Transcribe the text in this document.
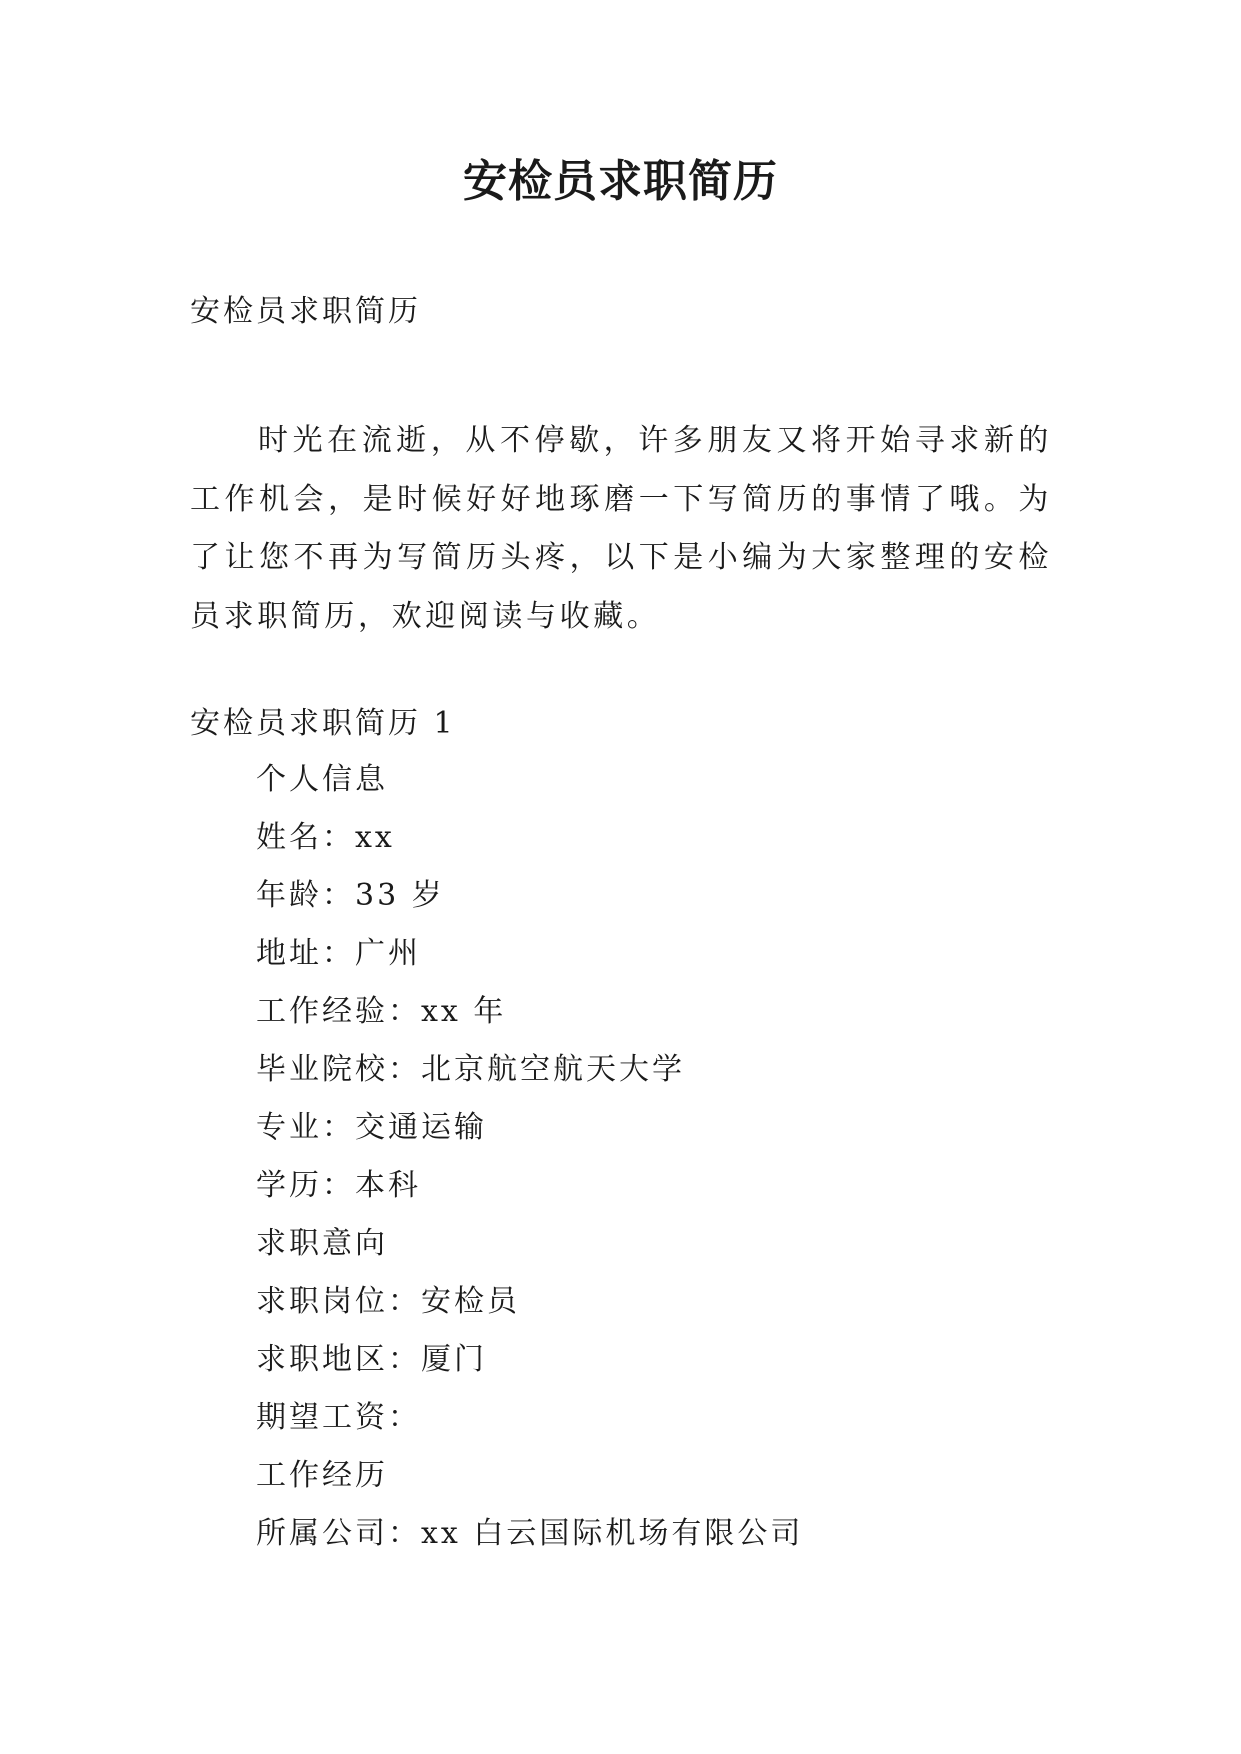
安检员求职简历

安检员求职简历

时光在流逝，从不停歇，许多朋友又将开始寻求新的工作机会，是时候好好地琢磨一下写简历的事情了哦。为了让您不再为写简历头疼，以下是小编为大家整理的安检员求职简历，欢迎阅读与收藏。

安检员求职简历 1

个人信息
姓名：xx
年龄：33 岁
地址：广州
工作经验：xx 年
毕业院校：北京航空航天大学
专业：交通运输
学历：本科
求职意向
求职岗位：安检员
求职地区：厦门
期望工资：
工作经历
所属公司：xx 白云国际机场有限公司
